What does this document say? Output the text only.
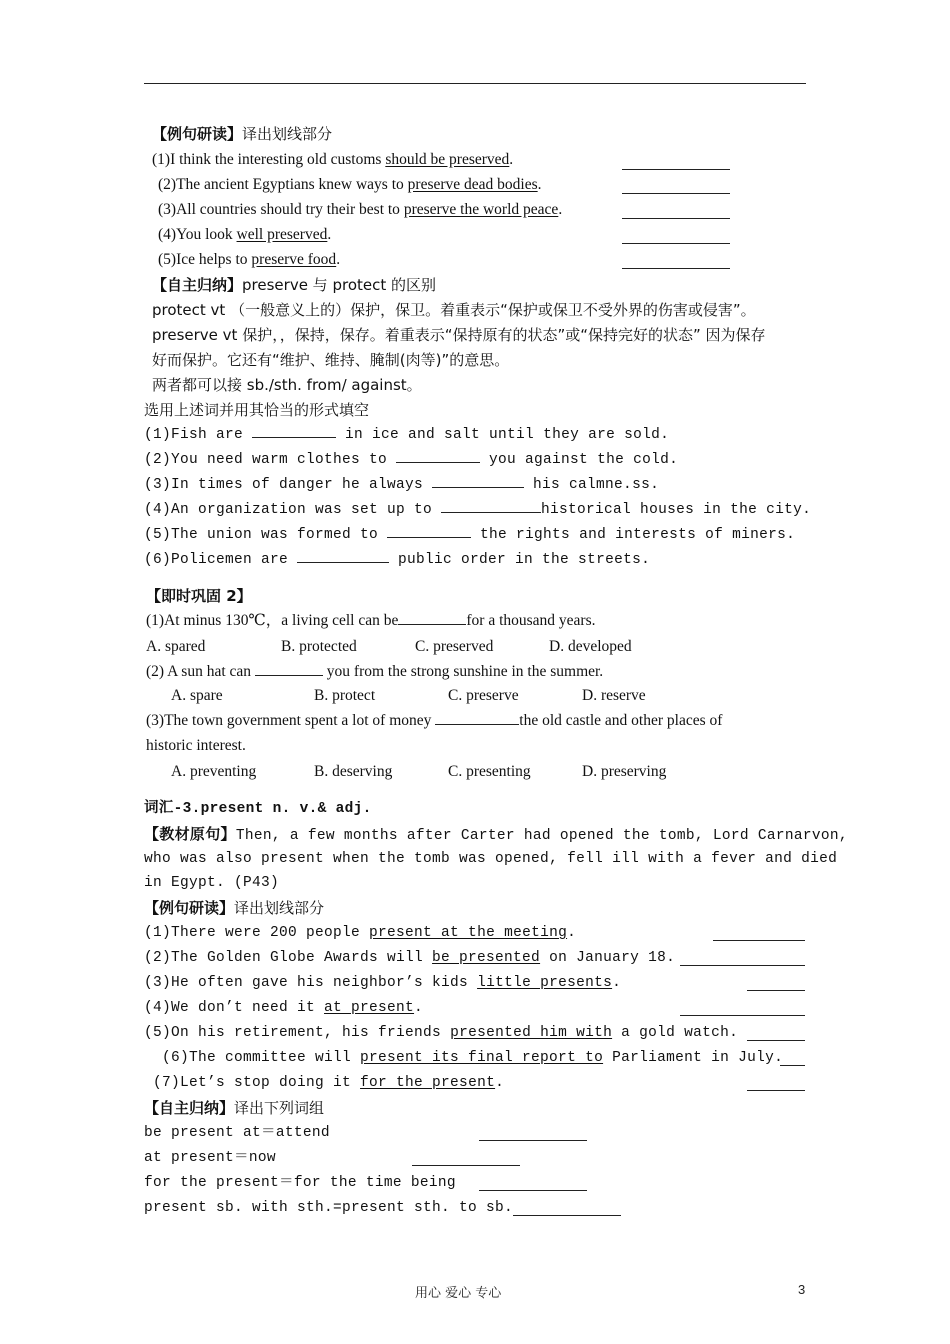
【例句研读】译出划线部分
(1)I think the interesting old customs should be preserved.
(2)The ancient Egyptians knew ways to preserve dead bodies.
(3)All countries should try their best to preserve the world peace.
(4)You look well preserved.
(5)Ice helps to preserve food.
【自主归纳】preserve 与 protect 的区别
protect vt （一般意义上的）保护，保卫。着重表示“保护或保卫不受外界的伤害或侵害”。
preserve vt 保护，，保持，保存。着重表示“保持原有的状态”或“保持完好的状态” 因为保存
好而保护。它还有“维护、维持、腌制(肉等)”的意思。
两者都可以接 sb./sth. from/ against。
选用上述词并用其恰当的形式填空
(1)Fish are	in ice and salt until they are sold.
(2)You need warm clothes to	you against the cold.
(3)In times of danger he always	his calmne.ss.
(4)An organization was set up to	historical houses in the city.
(5)The union was formed to	the rights and interests of miners.
(6)Policemen are	public order in the streets.
【即时巩固 2】
(1)At minus 130℃，a living cell can be	for a thousand years.
A. spared	B. protected	C. preserved	D. developed
(2) A sun hat can	you from the strong sunshine in the summer.
A. spare	B. protect	C. preserve	D. reserve
(3)The town government spent a lot of money	the old castle and other places of
historic interest.
A. preventing	B. deserving	C. presenting	D. preserving
词汇-3.present n. v.& adj.
【教材原句】Then, a few months after Carter had opened the tomb, Lord Carnarvon,
who was also present when the tomb was opened, fell ill with a fever and died
in Egypt. (P43)
【例句研读】译出划线部分
(1)There were 200 people present at the meeting.
(2)The Golden Globe Awards will be presented on January 18.
(3)He often gave his neighbor’s kids little presents.
(4)We don’t need it at present.
(5)On his retirement, his friends presented him with a gold watch.
(6)The committee will present its final report to Parliament in July.
(7)Let’s stop doing it for the present.
【自主归纳】译出下列词组
be present at＝attend
at present＝now
for the present＝for the time being
present sb. with sth.=present sth. to sb.
用心 爱心 专心	3
